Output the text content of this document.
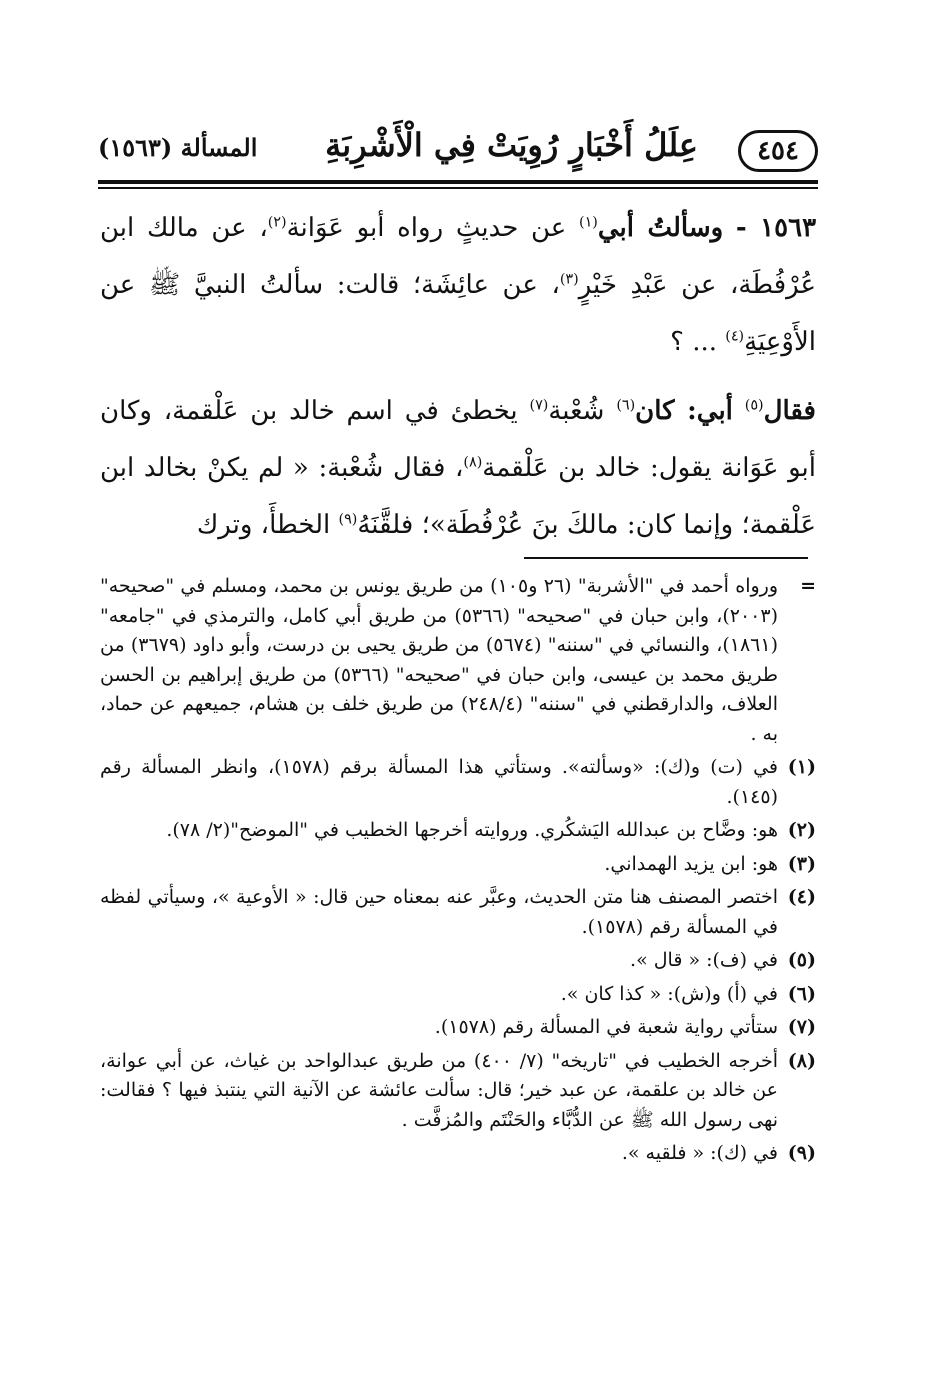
٤٥٤
عِلَلُ أَخْبَارٍ رُوِيَتْ فِي الْأَشْرِبَةِ
المسألة (١٥٦٣)

١٥٦٣ - وسألتُ أبي$^{(١)}$ عن حديثٍ رواه أبو عَوَانة$^{(٢)}$، عن مالك ابن عُرْفُطَة، عن عَبْدِ خَيْرٍ$^{(٣)}$، عن عائِشَة؛ قالت: سألتُ النبيَّ ﷺ عن الأَوْعِيَةِ$^{(٤)}$ ... ؟

فقال$^{(٥)}$ أبي: كان$^{(٦)}$ شُعْبة$^{(٧)}$ يخطئ في اسم خالد بن عَلْقمة، وكان أبو عَوَانة يقول: خالد بن عَلْقمة$^{(٨)}$، فقال شُعْبة: « لم يكنْ بخالد ابن عَلْقمة؛ وإنما كان: مالكَ بنَ عُرْفُطَة»؛ فلقَّنَهُ$^{(٩)}$ الخطأَ، وترك

=
ورواه أحمد في "الأشربة" (٢٦ و١٠٥) من طريق يونس بن محمد، ومسلم في "صحيحه" (٢٠٠٣)، وابن حبان في "صحيحه" (٥٣٦٦) من طريق أبي كامل، والترمذي في "جامعه" (١٨٦١)، والنسائي في "سننه" (٥٦٧٤) من طريق يحيى بن درست، وأبو داود (٣٦٧٩) من طريق محمد بن عيسى، وابن حبان في "صحيحه" (٥٣٦٦) من طريق إبراهيم بن الحسن العلاف، والدارقطني في "سننه" (٢٤٨/٤) من طريق خلف بن هشام، جميعهم عن حماد، به .
(١)
في (ت) و(ك): «وسألته». وستأتي هذا المسألة برقم (١٥٧٨)، وانظر المسألة رقم (١٤٥).
(٢)
هو: وضَّاح بن عبدالله اليَشكُري. وروايته أخرجها الخطيب في "الموضح"(٢/ ٧٨).
(٣)
هو: ابن يزيد الهمداني.
(٤)
اختصر المصنف هنا متن الحديث، وعبَّر عنه بمعناه حين قال: « الأوعية »، وسيأتي لفظه في المسألة رقم (١٥٧٨).
(٥)
في (ف): « قال ».
(٦)
في (أ) و(ش): « كذا كان ».
(٧)
ستأتي رواية شعبة في المسألة رقم (١٥٧٨).
(٨)
أخرجه الخطيب في "تاريخه" (٧/ ٤٠٠) من طريق عبدالواحد بن غياث، عن أبي عوانة، عن خالد بن علقمة، عن عبد خير؛ قال: سألت عائشة عن الآنية التي ينتبذ فيها ؟ فقالت: نهى رسول الله ﷺ عن الدُّبَّاء والحَنْتَم والمُزفَّت .
(٩)
في (ك): « فلقيه ».
